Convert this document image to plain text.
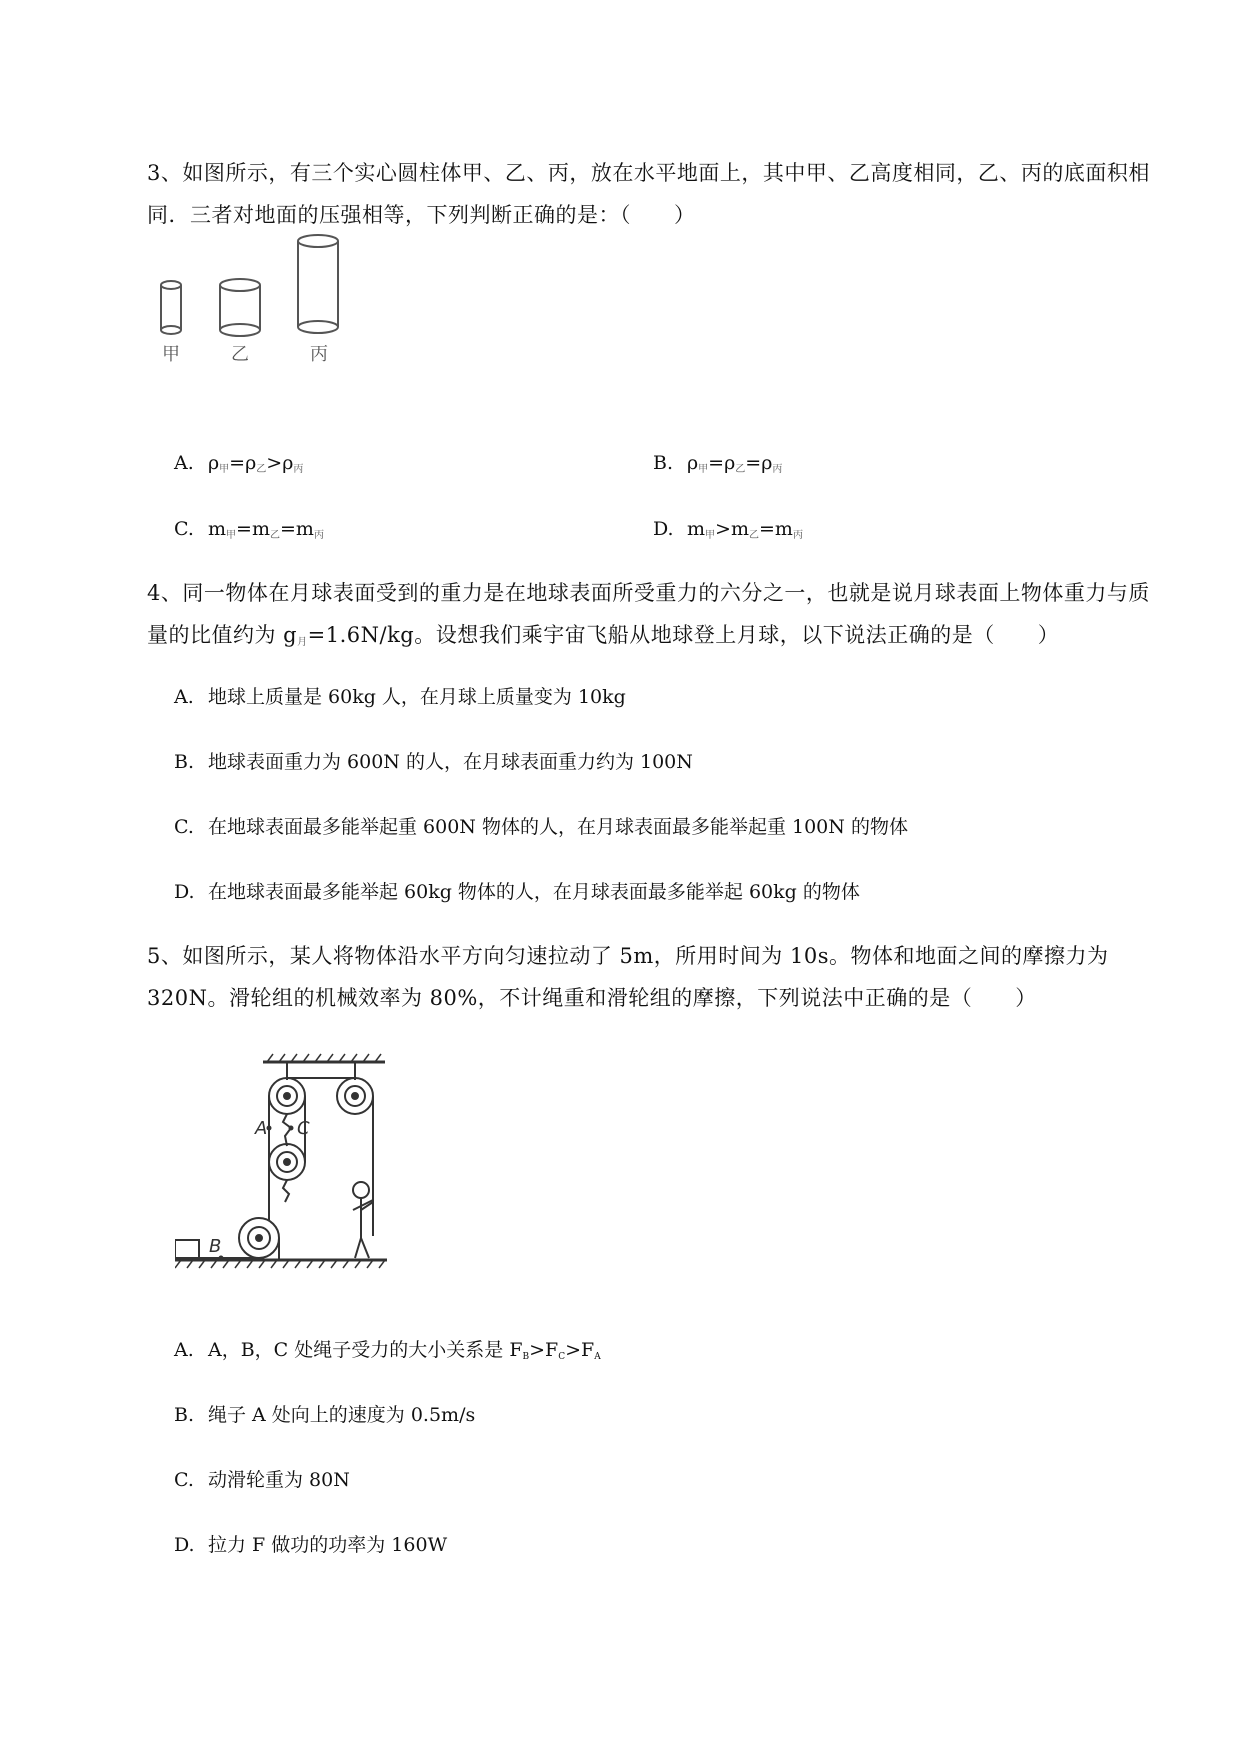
3、如图所示，有三个实心圆柱体甲、乙、丙，放在水平地面上，其中甲、乙高度相同，乙、丙的底面积相同．三者对地面的压强相等，下列判断正确的是：（　　）
甲	乙	丙
A. $\rho_甲=\rho_乙>\rho_丙$	B. $\rho_甲=\rho_乙=\rho_丙$
C. $m_甲=m_乙=m_丙$	D. $m_甲>m_乙=m_丙$
4、同一物体在月球表面受到的重力是在地球表面所受重力的六分之一，也就是说月球表面上物体重力与质量的比值约为 $g_月=1.6N/kg$。设想我们乘宇宙飞船从地球登上月球，以下说法正确的是（　　）
A. 地球上质量是 60kg 人，在月球上质量变为 10kg
B. 地球表面重力为 600N 的人，在月球表面重力约为 100N
C. 在地球表面最多能举起重 600N 物体的人，在月球表面最多能举起重 100N 的物体
D. 在地球表面最多能举起 60kg 物体的人，在月球表面最多能举起 60kg 的物体
5、如图所示，某人将物体沿水平方向匀速拉动了 5m，所用时间为 10s。物体和地面之间的摩擦力为 320N。滑轮组的机械效率为 80%，不计绳重和滑轮组的摩擦，下列说法中正确的是（　　）
A C
B
A. A，B，C 处绳子受力的大小关系是 FB>FC>FA
B. 绳子 A 处向上的速度为 0.5m/s
C. 动滑轮重为 80N
D. 拉力 F 做功的功率为 160W
